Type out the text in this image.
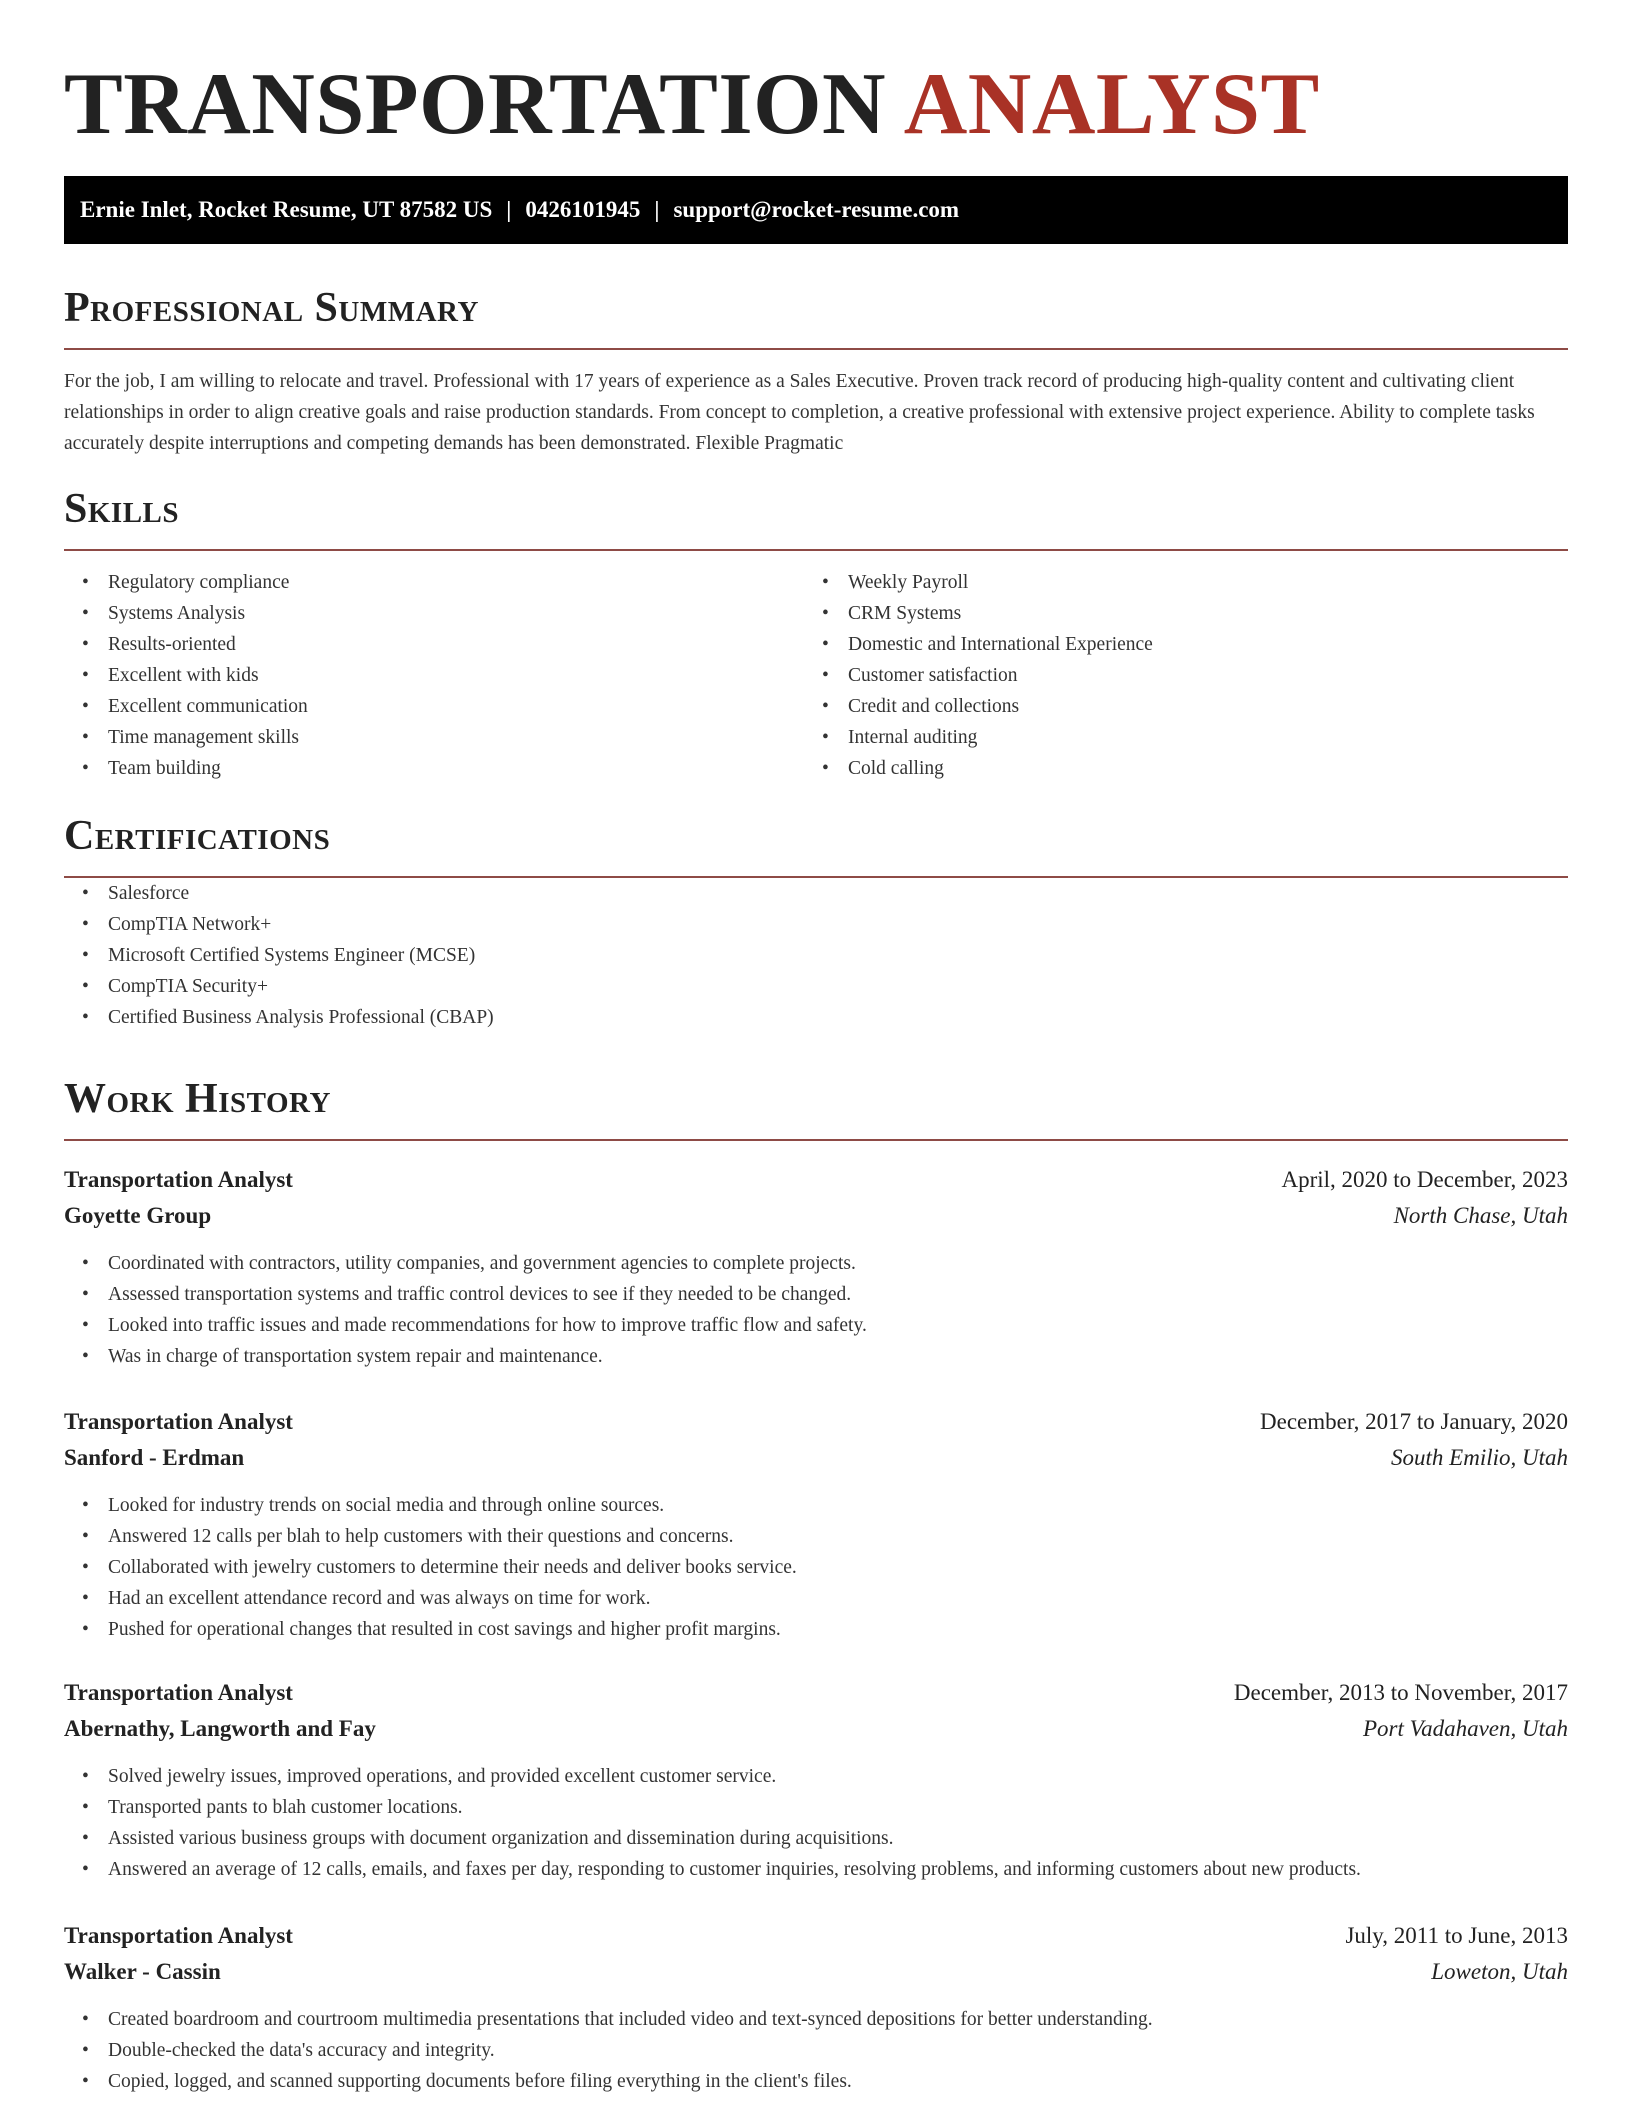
TRANSPORTATION ANALYST
Ernie Inlet, Rocket Resume, UT 87582 US | 0426101945 | support@rocket-resume.com
Professional Summary

For the job, I am willing to relocate and travel. Professional with 17 years of experience as a Sales Executive. Proven track record of producing high-quality content and cultivating client relationships in order to align creative goals and raise production standards. From concept to completion, a creative professional with extensive project experience. Ability to complete tasks accurately despite interruptions and competing demands has been demonstrated. Flexible Pragmatic

Skills
• Regulatory compliance
• Systems Analysis
• Results-oriented
• Excellent with kids
• Excellent communication
• Time management skills
• Team building
• Weekly Payroll
• CRM Systems
• Domestic and International Experience
• Customer satisfaction
• Credit and collections
• Internal auditing
• Cold calling
Certifications
• Salesforce
• CompTIA Network+
• Microsoft Certified Systems Engineer (MCSE)
• CompTIA Security+
• Certified Business Analysis Professional (CBAP)
Work History
Transportation Analyst	April, 2020 to December, 2023
Goyette Group	North Chase, Utah
• Coordinated with contractors, utility companies, and government agencies to complete projects.
• Assessed transportation systems and traffic control devices to see if they needed to be changed.
• Looked into traffic issues and made recommendations for how to improve traffic flow and safety.
• Was in charge of transportation system repair and maintenance.
Transportation Analyst	December, 2017 to January, 2020
Sanford - Erdman	South Emilio, Utah
• Looked for industry trends on social media and through online sources.
• Answered 12 calls per blah to help customers with their questions and concerns.
• Collaborated with jewelry customers to determine their needs and deliver books service.
• Had an excellent attendance record and was always on time for work.
• Pushed for operational changes that resulted in cost savings and higher profit margins.
Transportation Analyst	December, 2013 to November, 2017
Abernathy, Langworth and Fay	Port Vadahaven, Utah
• Solved jewelry issues, improved operations, and provided excellent customer service.
• Transported pants to blah customer locations.
• Assisted various business groups with document organization and dissemination during acquisitions.
• Answered an average of 12 calls, emails, and faxes per day, responding to customer inquiries, resolving problems, and informing customers about new products.
Transportation Analyst	July, 2011 to June, 2013
Walker - Cassin	Loweton, Utah
• Created boardroom and courtroom multimedia presentations that included video and text-synced depositions for better understanding.
• Double-checked the data's accuracy and integrity.
• Copied, logged, and scanned supporting documents before filing everything in the client's files.
